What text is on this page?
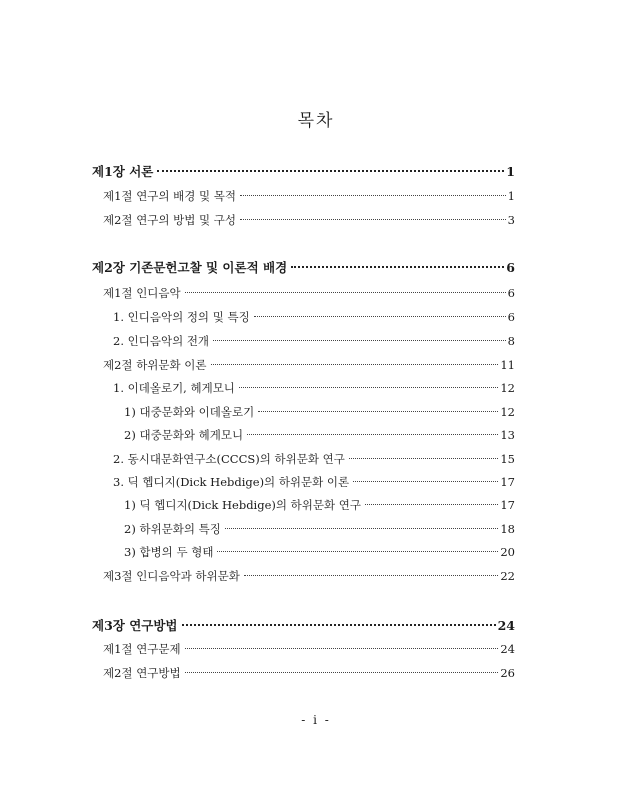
목차
제1장 서론	1
제1절 연구의 배경 및 목적	1
제2절 연구의 방법 및 구성	3
제2장 기존문헌고찰 및 이론적 배경	6
제1절 인디음악	6
1. 인디음악의 정의 및 특징	6
2. 인디음악의 전개	8
제2절 하위문화 이론	11
1. 이데올로기, 헤게모니	12
1) 대중문화와 이데올로기	12
2) 대중문화와 헤게모니	13
2. 동시대문화연구소(CCCS)의 하위문화 연구	15
3. 딕 헵디지(Dick Hebdige)의 하위문화 이론	17
1) 딕 헵디지(Dick Hebdige)의 하위문화 연구	17
2) 하위문화의 특징	18
3) 합병의 두 형태	20
제3절 인디음악과 하위문화	22
제3장 연구방법	24
제1절 연구문제	24
제2절 연구방법	26
- i -
